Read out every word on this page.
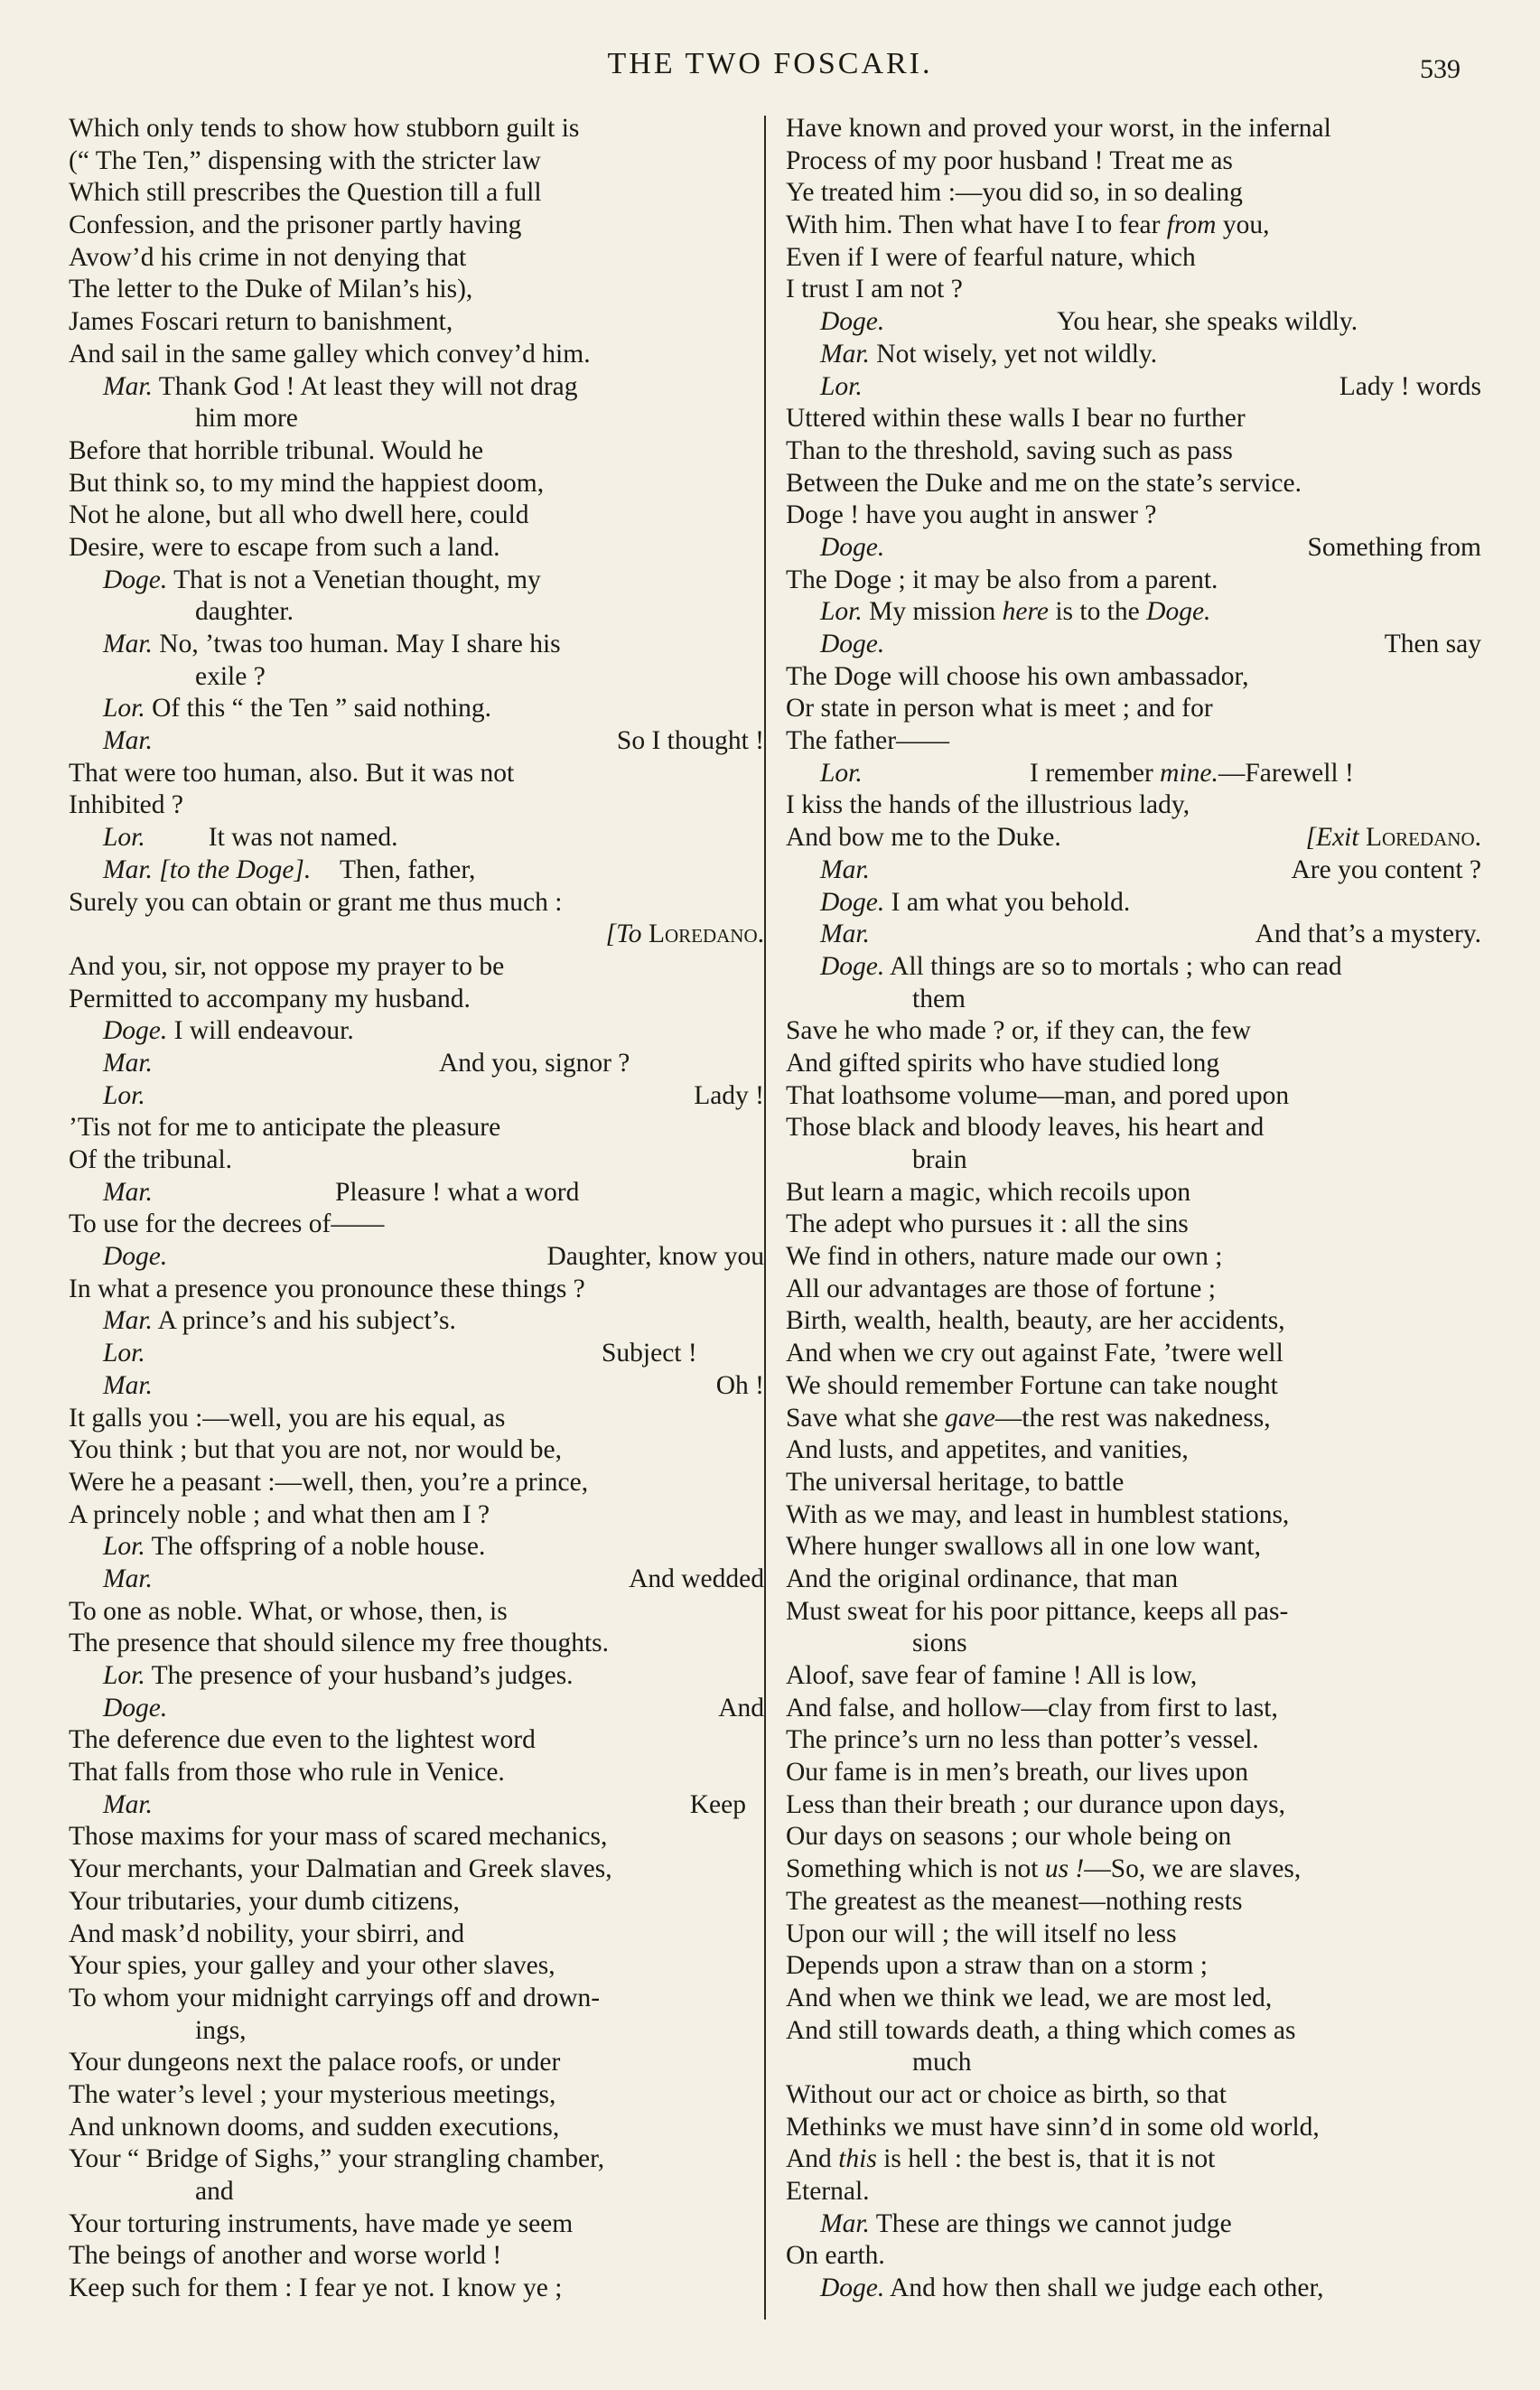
THE TWO FOSCARI.	539
Which only tends to show how stubborn guilt is
(“ The Ten,” dispensing with the stricter law
Which still prescribes the Question till a full
Confession, and the prisoner partly having
Avow’d his crime in not denying that
The letter to the Duke of Milan’s his),
James Foscari return to banishment,
And sail in the same galley which convey’d him.
Mar. Thank God ! At least they will not drag
him more
Before that horrible tribunal. Would he
But think so, to my mind the happiest doom,
Not he alone, but all who dwell here, could
Desire, were to escape from such a land.
Doge. That is not a Venetian thought, my
daughter.
Mar. No, ’twas too human. May I share his
exile ?
Lor. Of this “ the Ten ” said nothing.
Mar.	So I thought !
That were too human, also. But it was not
Inhibited ?
Lor. It was not named.
Mar. [to the Doge]. Then, father,
Surely you can obtain or grant me thus much :
[To Loredano.
And you, sir, not oppose my prayer to be
Permitted to accompany my husband.
Doge. I will endeavour.
Mar.	And you, signor ?
Lor.	Lady !
’Tis not for me to anticipate the pleasure
Of the tribunal.
Mar.	Pleasure ! what a word
To use for the decrees of——
Doge.	Daughter, know you
In what a presence you pronounce these things ?
Mar. A prince’s and his subject’s.
Lor.	Subject !
Mar.	Oh !
It galls you :—well, you are his equal, as
You think ; but that you are not, nor would be,
Were he a peasant :—well, then, you’re a prince,
A princely noble ; and what then am I ?
Lor. The offspring of a noble house.
Mar.	And wedded
To one as noble. What, or whose, then, is
The presence that should silence my free thoughts.
Lor. The presence of your husband’s judges.
Doge.	And
The deference due even to the lightest word
That falls from those who rule in Venice.
Mar.	Keep
Those maxims for your mass of scared mechanics,
Your merchants, your Dalmatian and Greek slaves,
Your tributaries, your dumb citizens,
And mask’d nobility, your sbirri, and
Your spies, your galley and your other slaves,
To whom your midnight carryings off and drown-
ings,
Your dungeons next the palace roofs, or under
The water’s level ; your mysterious meetings,
And unknown dooms, and sudden executions,
Your “ Bridge of Sighs,” your strangling chamber,
and
Your torturing instruments, have made ye seem
The beings of another and worse world !
Keep such for them : I fear ye not. I know ye ;
Have known and proved your worst, in the infernal
Process of my poor husband ! Treat me as
Ye treated him :—you did so, in so dealing
With him. Then what have I to fear from you,
Even if I were of fearful nature, which
I trust I am not ?
Doge.	You hear, she speaks wildly.
Mar. Not wisely, yet not wildly.
Lor.	Lady ! words
Uttered within these walls I bear no further
Than to the threshold, saving such as pass
Between the Duke and me on the state’s service.
Doge ! have you aught in answer ?
Doge.	Something from
The Doge ; it may be also from a parent.
Lor. My mission here is to the Doge.
Doge.	Then say
The Doge will choose his own ambassador,
Or state in person what is meet ; and for
The father——
Lor.	I remember mine.—Farewell !
I kiss the hands of the illustrious lady,
And bow me to the Duke.	[Exit Loredano.
Mar.	Are you content ?
Doge. I am what you behold.
Mar.	And that’s a mystery.
Doge. All things are so to mortals ; who can read
them
Save he who made ? or, if they can, the few
And gifted spirits who have studied long
That loathsome volume—man, and pored upon
Those black and bloody leaves, his heart and
brain
But learn a magic, which recoils upon
The adept who pursues it : all the sins
We find in others, nature made our own ;
All our advantages are those of fortune ;
Birth, wealth, health, beauty, are her accidents,
And when we cry out against Fate, ’twere well
We should remember Fortune can take nought
Save what she gave—the rest was nakedness,
And lusts, and appetites, and vanities,
The universal heritage, to battle
With as we may, and least in humblest stations,
Where hunger swallows all in one low want,
And the original ordinance, that man
Must sweat for his poor pittance, keeps all pas-
sions
Aloof, save fear of famine ! All is low,
And false, and hollow—clay from first to last,
The prince’s urn no less than potter’s vessel.
Our fame is in men’s breath, our lives upon
Less than their breath ; our durance upon days,
Our days on seasons ; our whole being on
Something which is not us !—So, we are slaves,
The greatest as the meanest—nothing rests
Upon our will ; the will itself no less
Depends upon a straw than on a storm ;
And when we think we lead, we are most led,
And still towards death, a thing which comes as
much
Without our act or choice as birth, so that
Methinks we must have sinn’d in some old world,
And this is hell : the best is, that it is not
Eternal.
Mar. These are things we cannot judge
On earth.
Doge. And how then shall we judge each other,
